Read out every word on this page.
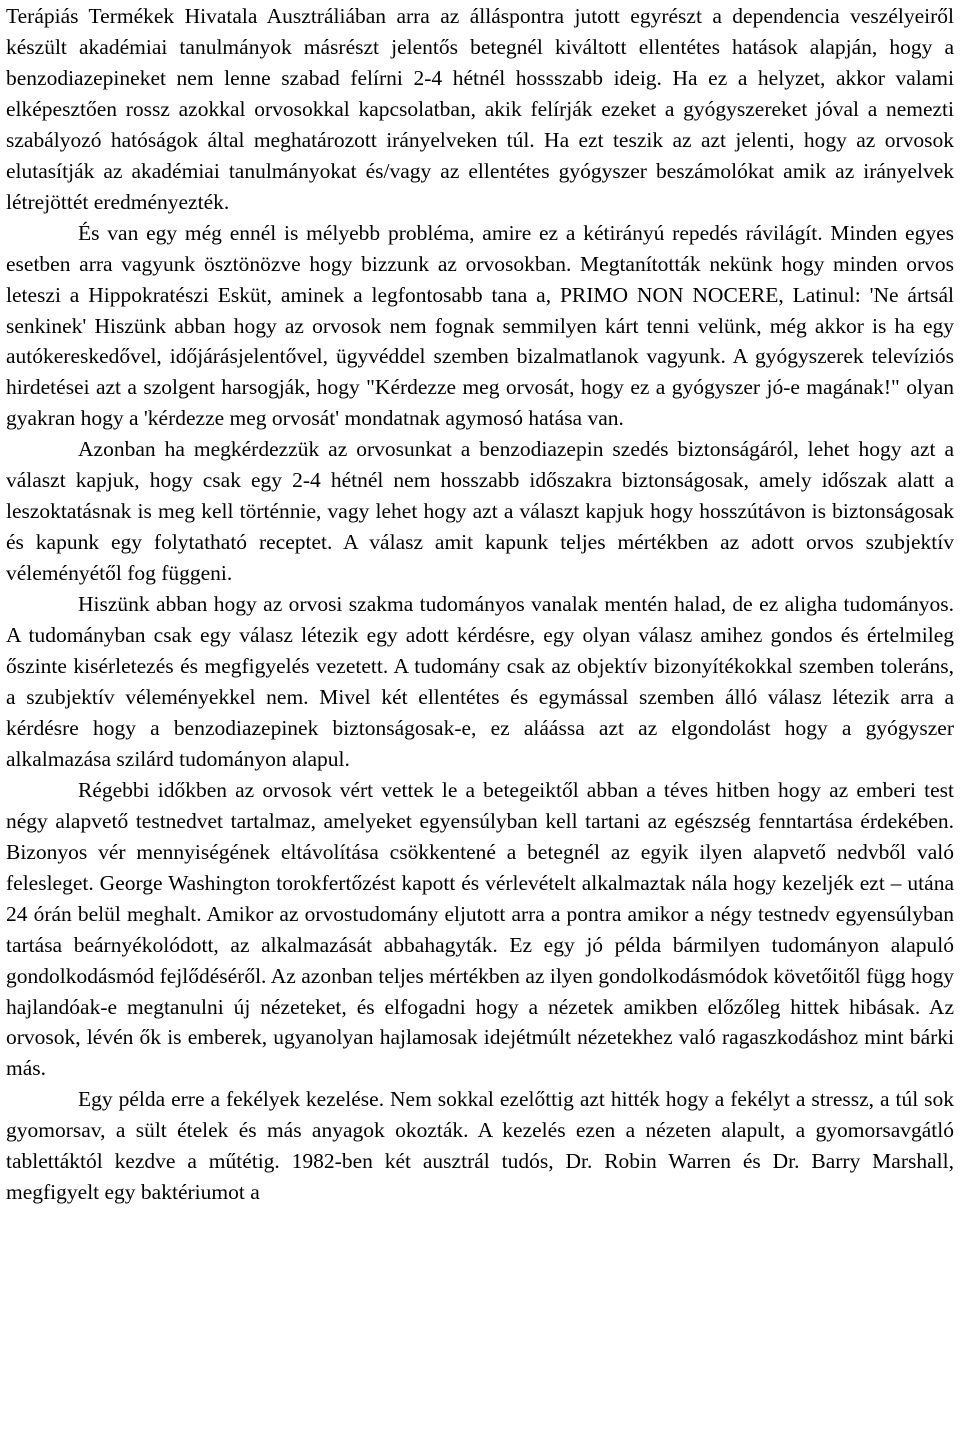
Terápiás Termékek Hivatala Ausztráliában arra az álláspontra jutott egyrészt a dependencia veszélyeiről készült akadémiai tanulmányok másrészt jelentős betegnél kiváltott ellentétes hatások alapján, hogy a benzodiazepineket nem lenne szabad felírni 2-4 hétnél hossszabb ideig. Ha ez a helyzet, akkor valami elképesztően rossz azokkal orvosokkal kapcsolatban, akik felírják ezeket a gyógyszereket jóval a nemezti szabályozó hatóságok által meghatározott irányelveken túl. Ha ezt teszik az azt jelenti, hogy az orvosok elutasítják az akadémiai tanulmányokat és/vagy az ellentétes gyógyszer beszámolókat amik az irányelvek létrejöttét eredményezték.

És van egy még ennél is mélyebb probléma, amire ez a kétirányú repedés rávilágít. Minden egyes esetben arra vagyunk ösztönözve hogy bizzunk az orvosokban. Megtanították nekünk hogy minden orvos leteszi a Hippokratészi Esküt, aminek a legfontosabb tana a, PRIMO NON NOCERE, Latinul: 'Ne ártsál senkinek' Hiszünk abban hogy az orvosok nem fognak semmilyen kárt tenni velünk, még akkor is ha egy autókereskedővel, időjárásjelentővel, ügyvéddel szemben bizalmatlanok vagyunk. A gyógyszerek televíziós hirdetései azt a szolgent harsogják, hogy "Kérdezze meg orvosát, hogy ez a gyógyszer jó-e magának!" olyan gyakran hogy a 'kérdezze meg orvosát' mondatnak agymosó hatása van.

Azonban ha megkérdezzük az orvosunkat a benzodiazepin szedés biztonságáról, lehet hogy azt a választ kapjuk, hogy csak egy 2-4 hétnél nem hosszabb időszakra biztonságosak, amely időszak alatt a leszoktatásnak is meg kell történnie, vagy lehet hogy azt a választ kapjuk hogy hosszútávon is biztonságosak és kapunk egy folytatható receptet. A válasz amit kapunk teljes mértékben az adott orvos szubjektív véleményétől fog függeni.

Hiszünk abban hogy az orvosi szakma tudományos vanalak mentén halad, de ez aligha tudományos. A tudományban csak egy válasz létezik egy adott kérdésre, egy olyan válasz amihez gondos és értelmileg őszinte kisérletezés és megfigyelés vezetett. A tudomány csak az objektív bizonyítékokkal szemben toleráns, a szubjektív véleményekkel nem. Mivel két ellentétes és egymással szemben álló válasz létezik arra a kérdésre hogy a benzodiazepinek biztonságosak-e, ez aláássa azt az elgondolást hogy a gyógyszer alkalmazása szilárd tudományon alapul.

Régebbi időkben az orvosok vért vettek le a betegeiktől abban a téves hitben hogy az emberi test négy alapvető testnedvet tartalmaz, amelyeket egyensúlyban kell tartani az egészség fenntartása érdekében. Bizonyos vér mennyiségének eltávolítása csökkentené a betegnél az egyik ilyen alapvető nedvből való felesleget. George Washington torokfertőzést kapott és vérlevételt alkalmaztak nála hogy kezeljék ezt – utána 24 órán belül meghalt. Amikor az orvostudomány eljutott arra a pontra amikor a négy testnedv egyensúlyban tartása beárnyékolódott, az alkalmazását abbahagyták. Ez egy jó példa bármilyen tudományon alapuló gondolkodásmód fejlődéséről. Az azonban teljes mértékben az ilyen gondolkodásmódok követőitől függ hogy hajlandóak-e megtanulni új nézeteket, és elfogadni hogy a nézetek amikben előzőleg hittek hibásak. Az orvosok, lévén ők is emberek, ugyanolyan hajlamosak idejétmúlt nézetekhez való ragaszkodáshoz mint bárki más.

Egy példa erre a fekélyek kezelése. Nem sokkal ezelőttig azt hitték hogy a fekélyt a stressz, a túl sok gyomorsav, a sült ételek és más anyagok okozták. A kezelés ezen a nézeten alapult, a gyomorsavgátló tablettáktól kezdve a műtétig. 1982-ben két ausztrál tudós, Dr. Robin Warren és Dr. Barry Marshall, megfigyelt egy baktériumot a
